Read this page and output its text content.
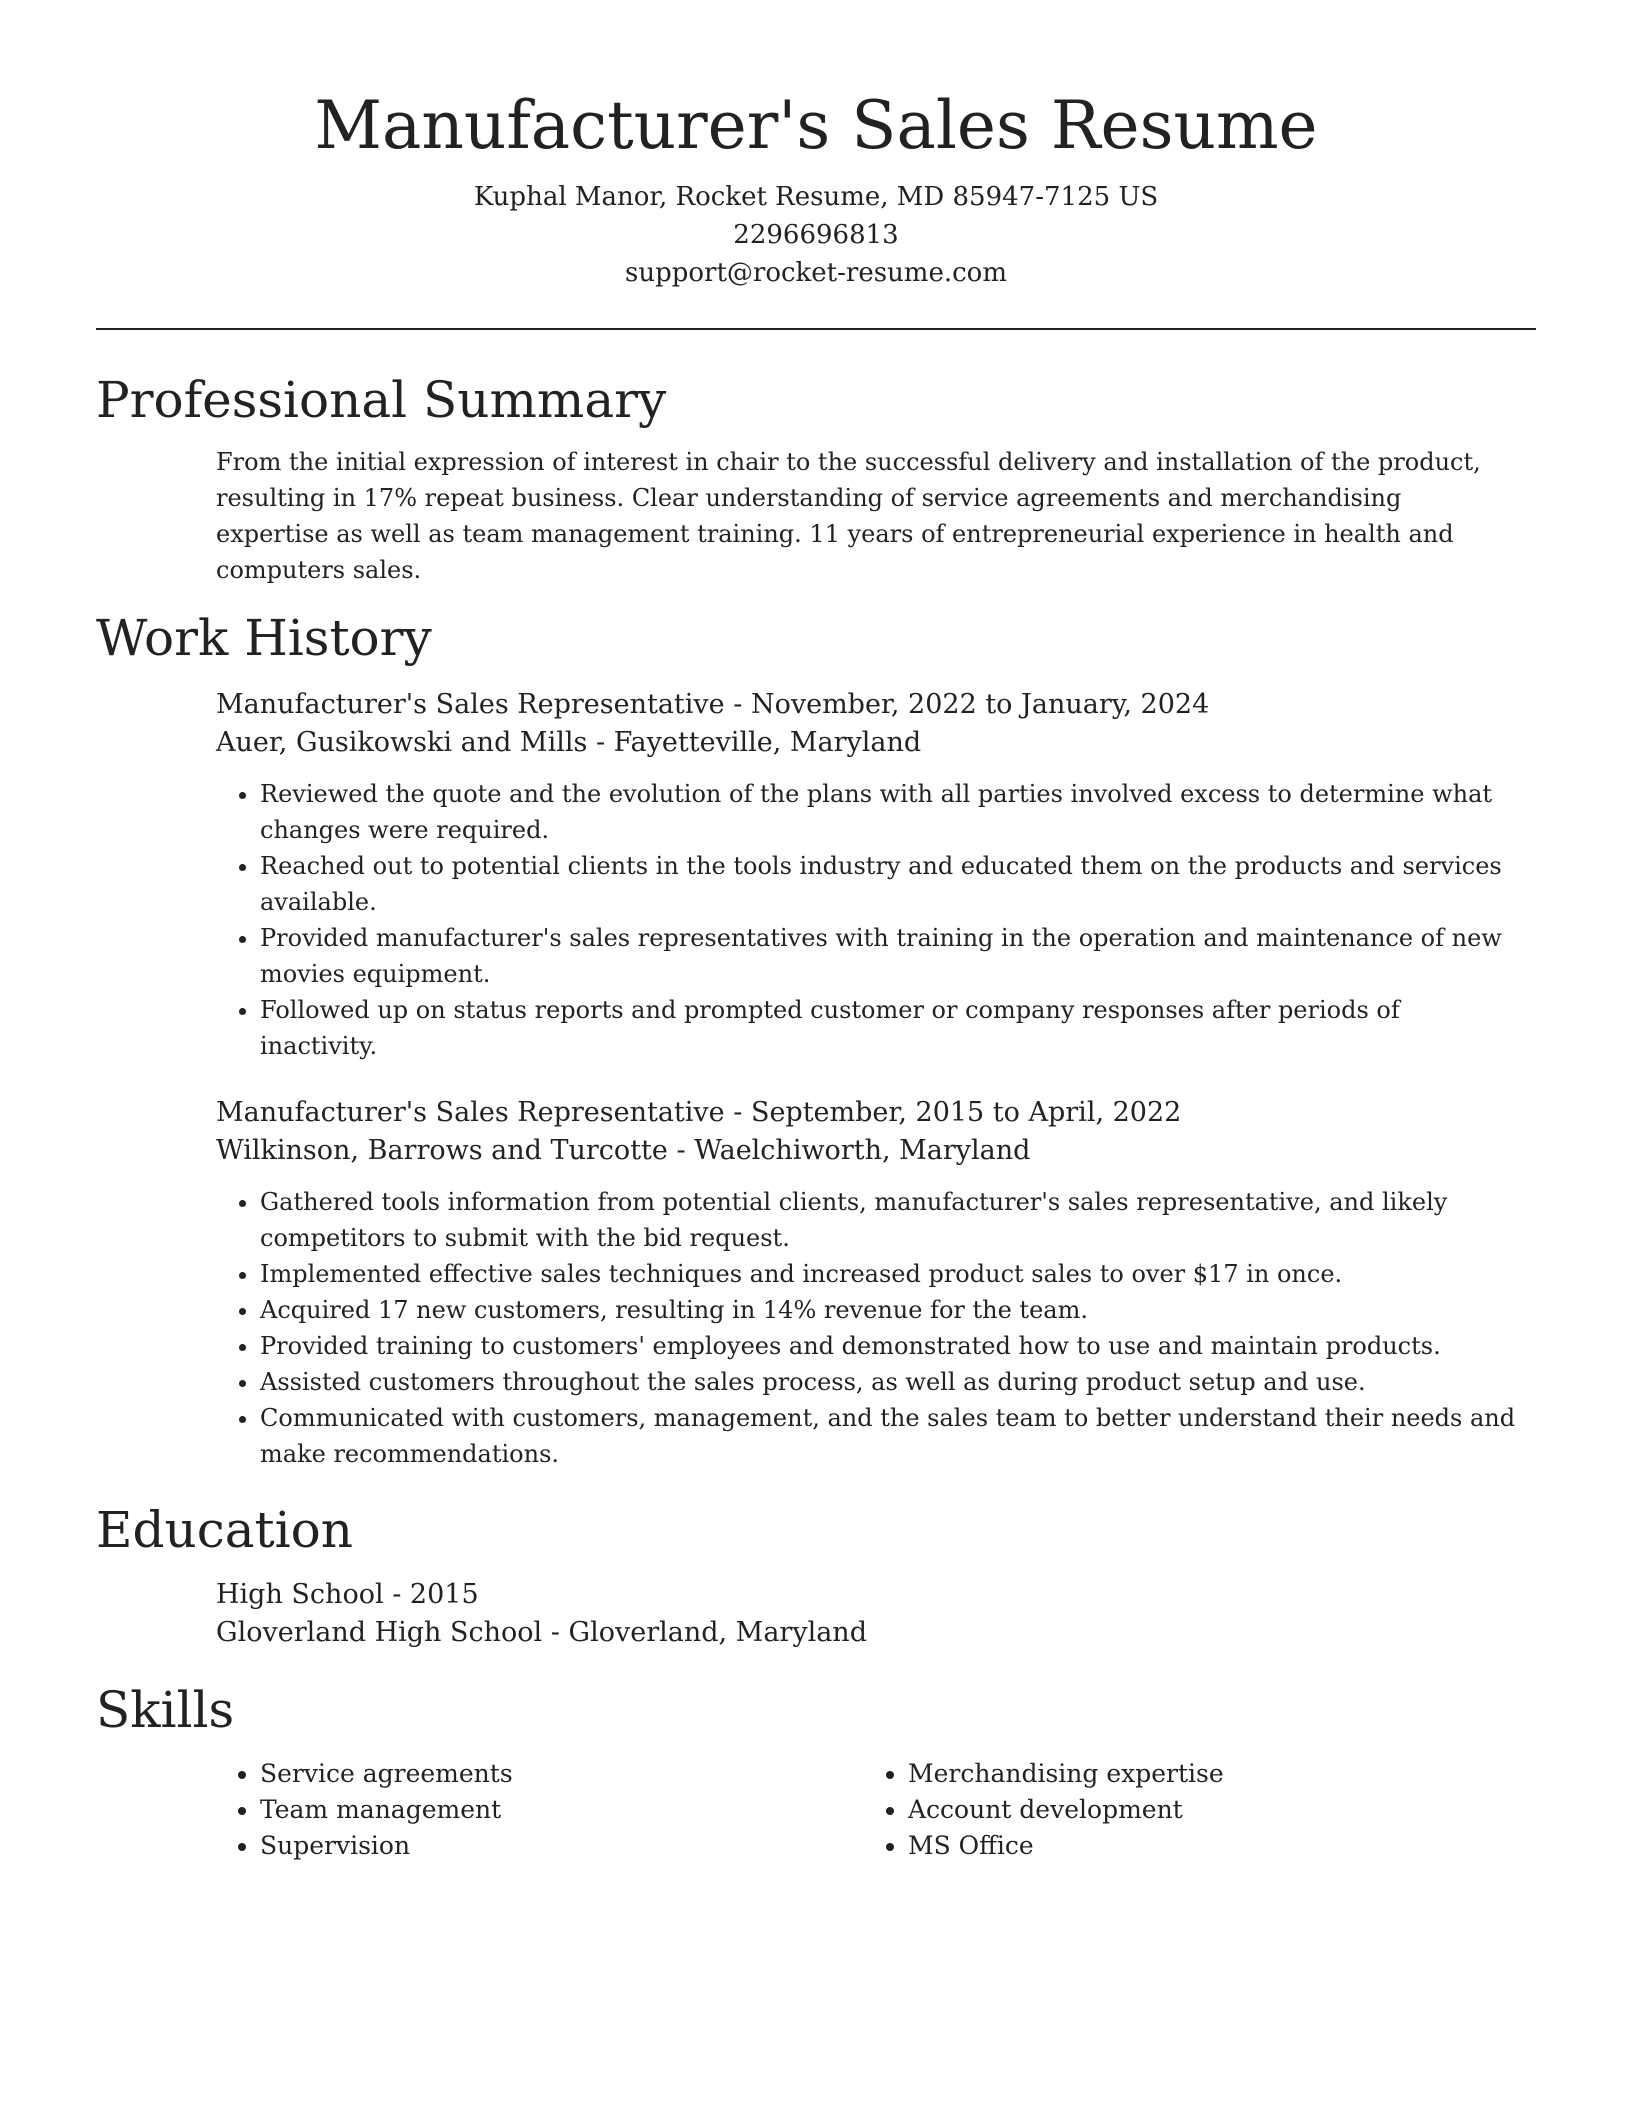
Manufacturer's Sales Resume
Kuphal Manor, Rocket Resume, MD 85947-7125 US
2296696813
support@rocket-resume.com
Professional Summary
From the initial expression of interest in chair to the successful delivery and installation of the product, resulting in 17% repeat business. Clear understanding of service agreements and merchandising expertise as well as team management training. 11 years of entrepreneurial experience in health and computers sales.
Work History
Manufacturer's Sales Representative - November, 2022 to January, 2024
Auer, Gusikowski and Mills - Fayetteville, Maryland
• Reviewed the quote and the evolution of the plans with all parties involved excess to determine what changes were required.
• Reached out to potential clients in the tools industry and educated them on the products and services available.
• Provided manufacturer's sales representatives with training in the operation and maintenance of new movies equipment.
• Followed up on status reports and prompted customer or company responses after periods of inactivity.
Manufacturer's Sales Representative - September, 2015 to April, 2022
Wilkinson, Barrows and Turcotte - Waelchiworth, Maryland
• Gathered tools information from potential clients, manufacturer's sales representative, and likely competitors to submit with the bid request.
• Implemented effective sales techniques and increased product sales to over $17 in once.
• Acquired 17 new customers, resulting in 14% revenue for the team.
• Provided training to customers' employees and demonstrated how to use and maintain products.
• Assisted customers throughout the sales process, as well as during product setup and use.
• Communicated with customers, management, and the sales team to better understand their needs and make recommendations.
Education
High School - 2015
Gloverland High School - Gloverland, Maryland
Skills
• Service agreements
• Team management
• Supervision
• Merchandising expertise
• Account development
• MS Office
